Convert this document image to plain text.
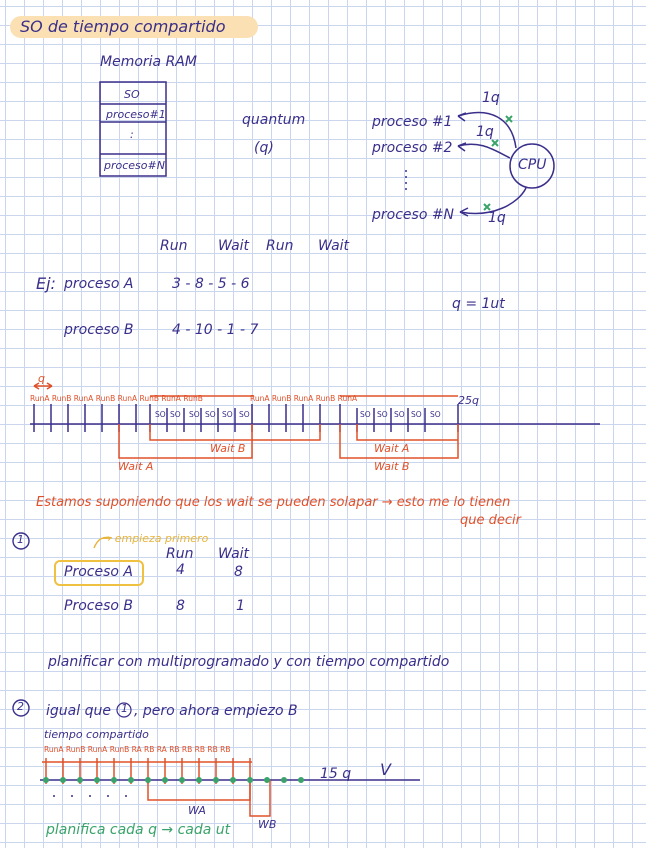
SO de tiempo compartido
Memoria RAM
SO
proceso#1
:
proceso#N
quantum
(q)
proceso #1
proceso #2
proceso #N
1q
1q
1q
CPU
Run Wait Run Wait
Ej: proceso A	3 - 8 - 5 - 6
proceso B	4 - 10 - 1 - 7
q = 1ut
q
RunA RunB RunA RunB RunA RunB RunA RunB	RunA RunB RunA RunB RunA	25q
Wait B
Wait A
Wait A
Wait B
SO SO SO SO SO SO	SO SO SO SO SO
Estamos suponiendo que los wait se pueden solapar → esto me lo tienen
que decir
1	→ empieza primero
Run Wait
Proceso A	4	8
Proceso B	8	1
planificar con multiprogramado y con tiempo compartido
2 igual que 1 , pero ahora empiezo B
tiempo compartido
RunA RunB RunA RunB RA RB RA RB RB RB RB RB
15 q V
WA
WB
planifica cada q → cada ut
